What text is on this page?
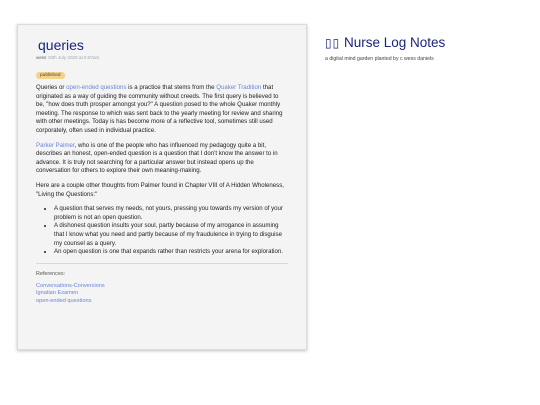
queries
wess 19th July 2020 at 6:07am
published

Queries or open-ended questions is a practice that stems from the Quaker Tradition that originated as a way of guiding the community without creeds. The first query is believed to be, "how does truth prosper amongst you?" A question posed to the whole Quaker monthly meeting. The response to which was sent back to the yearly meeting for review and sharing with other meetings. Today is has become more of a reflective tool, sometimes still used corporately, often used in individual practice.

Parker Palmer, who is one of the people who has influenced my pedagogy quite a bit, describes an honest, open-ended question is a question that I don't know the answer to in advance. It is truly not searching for a particular answer but instead opens up the conversation for others to explore their own meaning-making.

Here are a couple other thoughts from Palmer found in Chapter VIII of A Hidden Wholeness, "Living the Questions:"

• A question that serves my needs, not yours, pressing you towards my version of your problem is not an open question.
• A dishonest question insults your soul, partly because of my arrogance in assuming that I know what you need and partly because of my fraudulence in trying to disguise my counsel as a query.
• An open question is one that expands rather than restricts your arena for exploration.
References:
Conversations-Conversions
Ignatian Examen
open-ended questions
▯▯ Nurse Log Notes
a digital mind garden planted by c wess daniels
